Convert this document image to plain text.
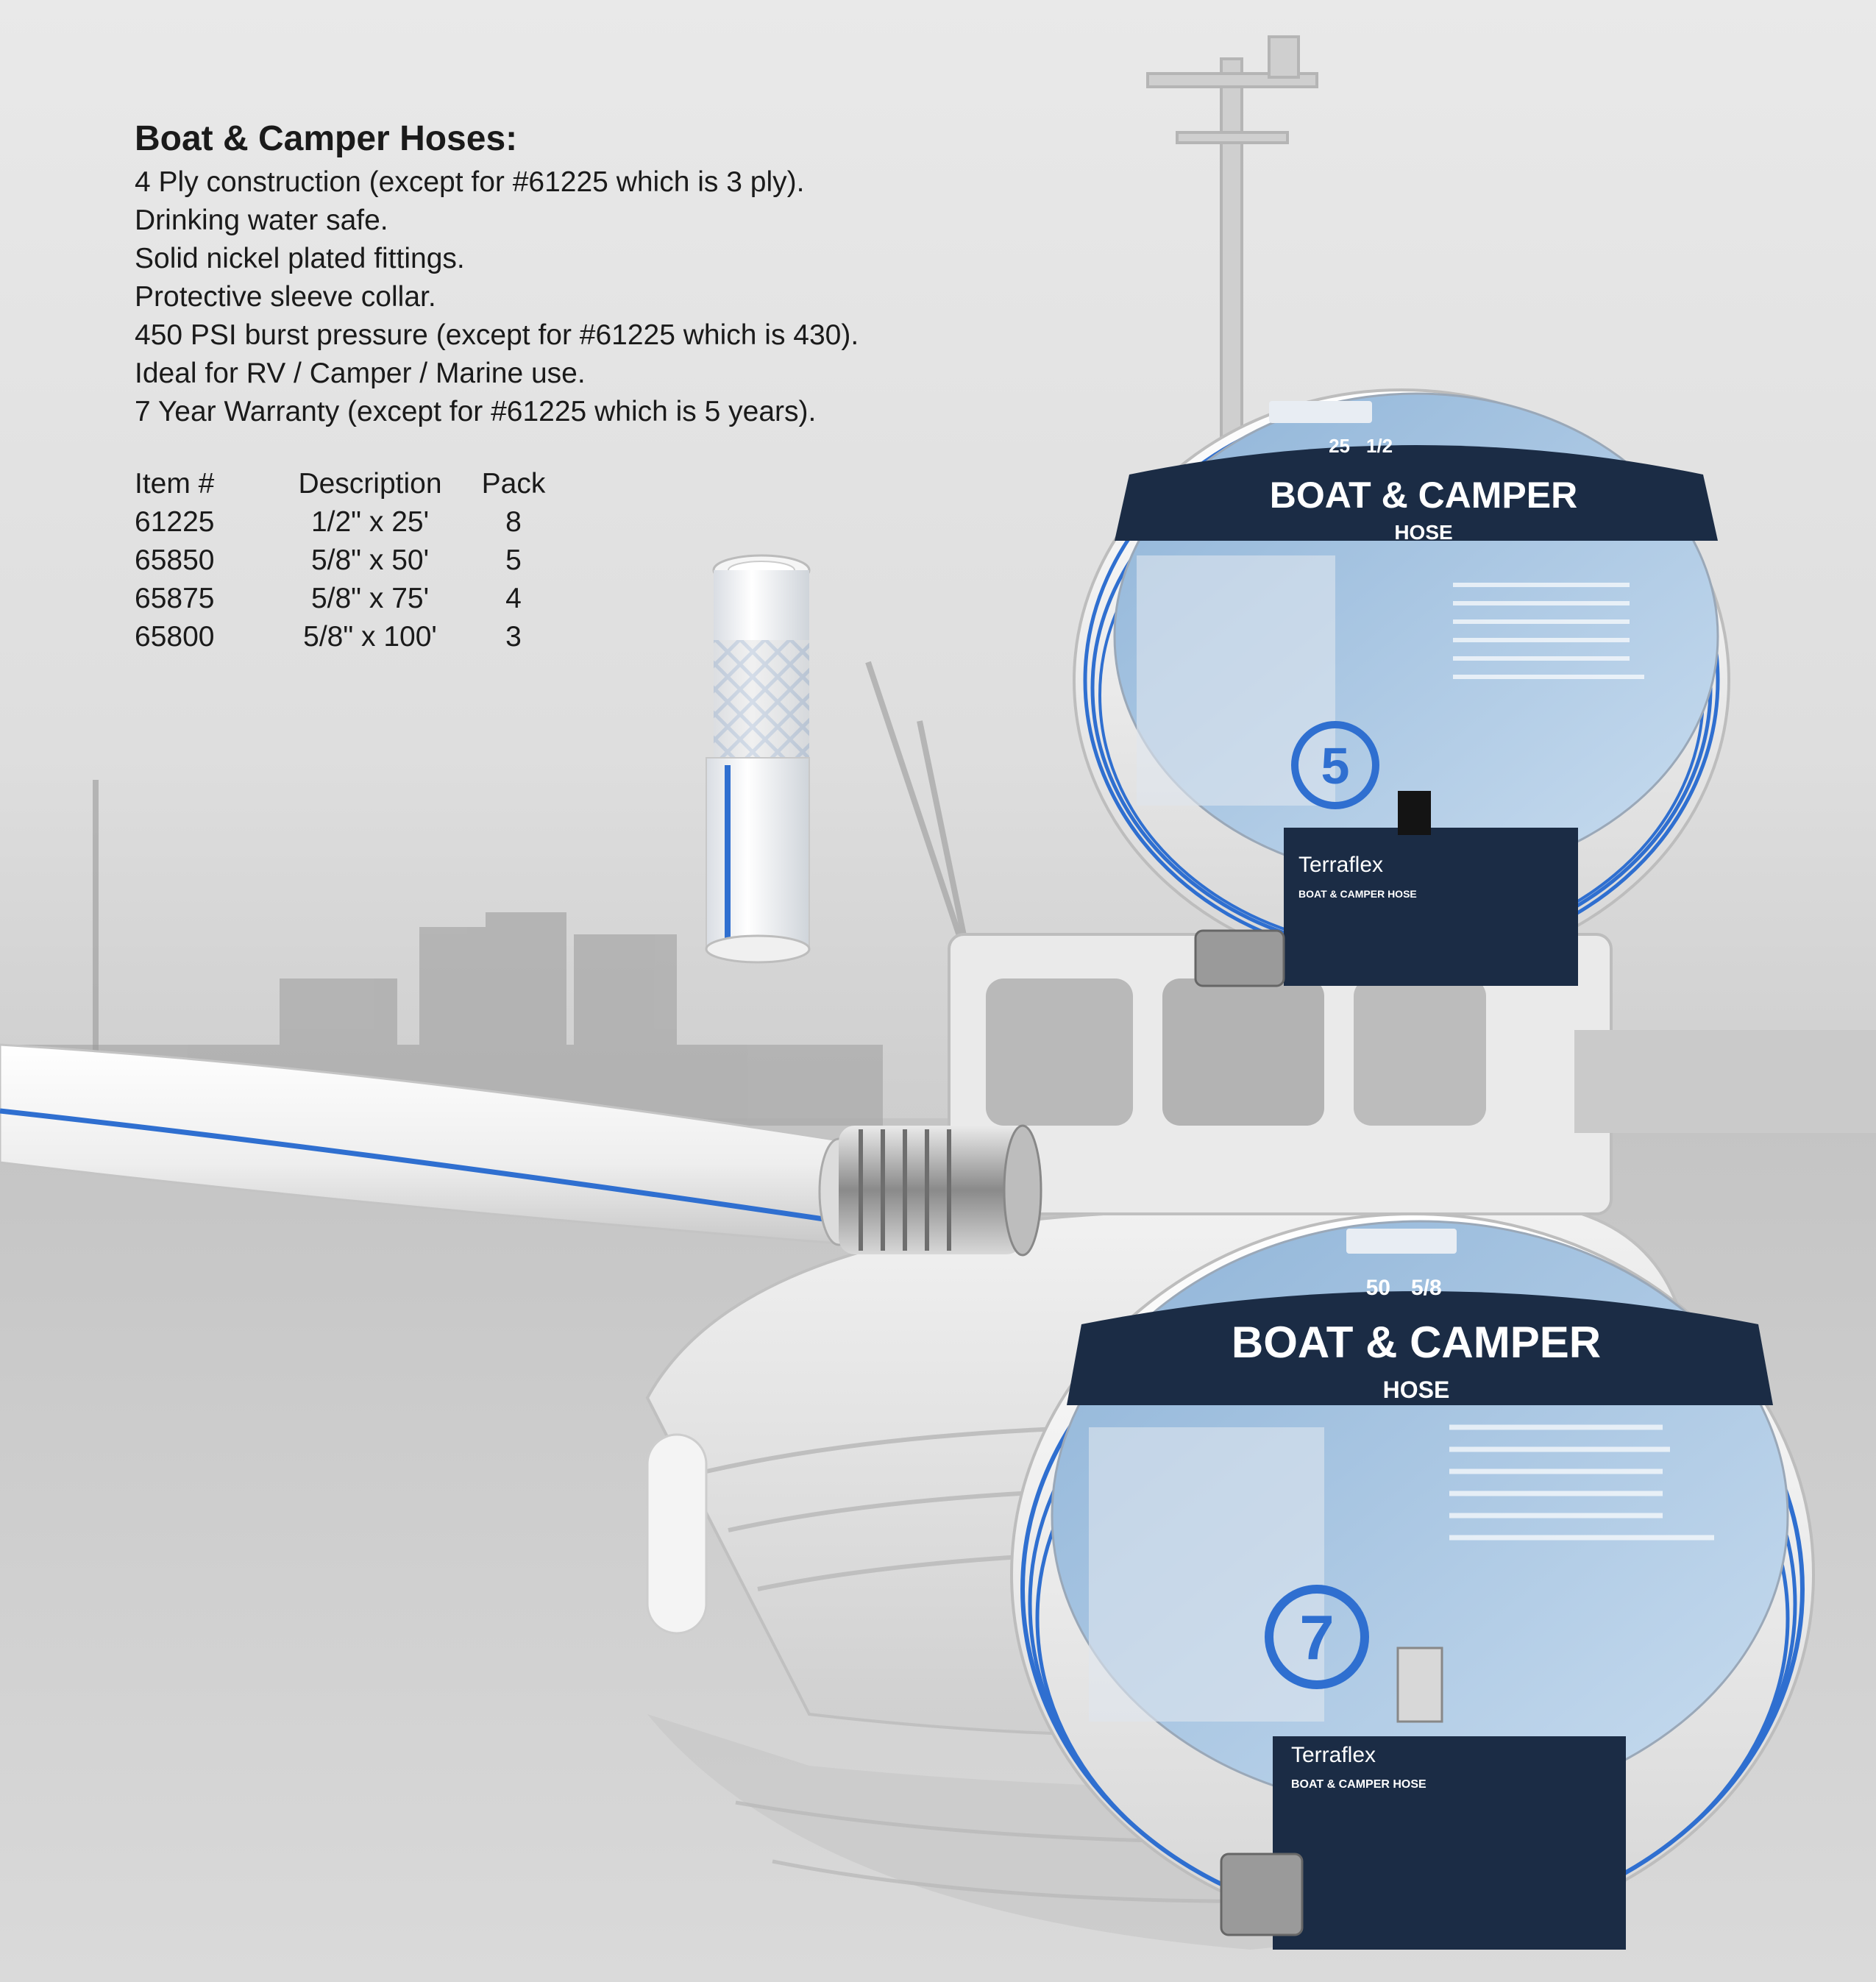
Boat & Camper Hoses:
4 Ply construction (except for #61225 which is 3 ply).
Drinking water safe.
Solid nickel plated fittings.
Protective sleeve collar.
450 PSI burst pressure (except for #61225 which is 430).
Ideal for RV / Camper / Marine use.
7 Year Warranty (except for #61225 which is 5 years).
Item #	Description	Pack
61225	1/2" x 25'	8
65850	5/8" x 50'	5
65875	5/8" x 75'	4
65800	5/8" x 100'	3
25 1/2
BOAT & CAMPER
HOSE
5
Terraflex
BOAT & CAMPER HOSE
50 5/8
BOAT & CAMPER
HOSE
7
Terraflex
BOAT & CAMPER HOSE
